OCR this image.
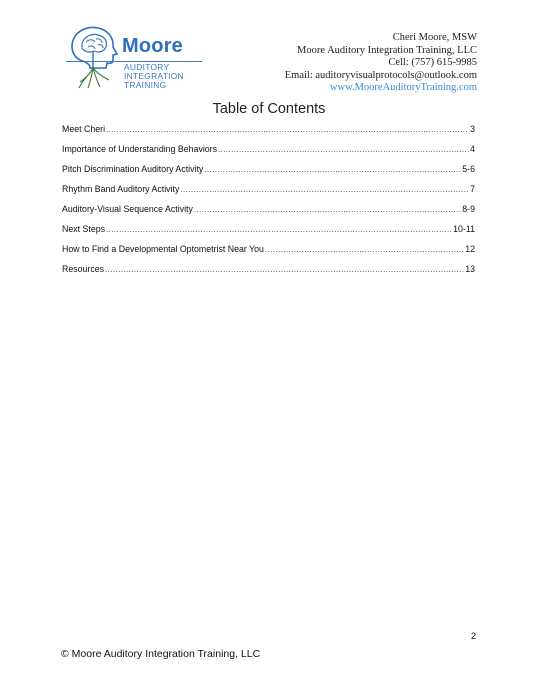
Moore
AUDITORY
INTEGRATION
TRAINING
Cheri Moore, MSW
Moore Auditory Integration Training, LLC
Cell: (757) 615-9985
Email: auditoryvisualprotocols@outlook.com
www.MooreAuditoryTraining.com
Table of Contents
Meet Cheri .....	3
Importance of Understanding Behaviors .....	4
Pitch Discrimination Auditory Activity .....	5-6
Rhythm Band Auditory Activity .....	7
Auditory-Visual Sequence Activity .....	8-9
Next Steps .....	10-11
How to Find a Developmental Optometrist Near You .....	12
Resources .....	13
2
© Moore Auditory Integration Training, LLC
